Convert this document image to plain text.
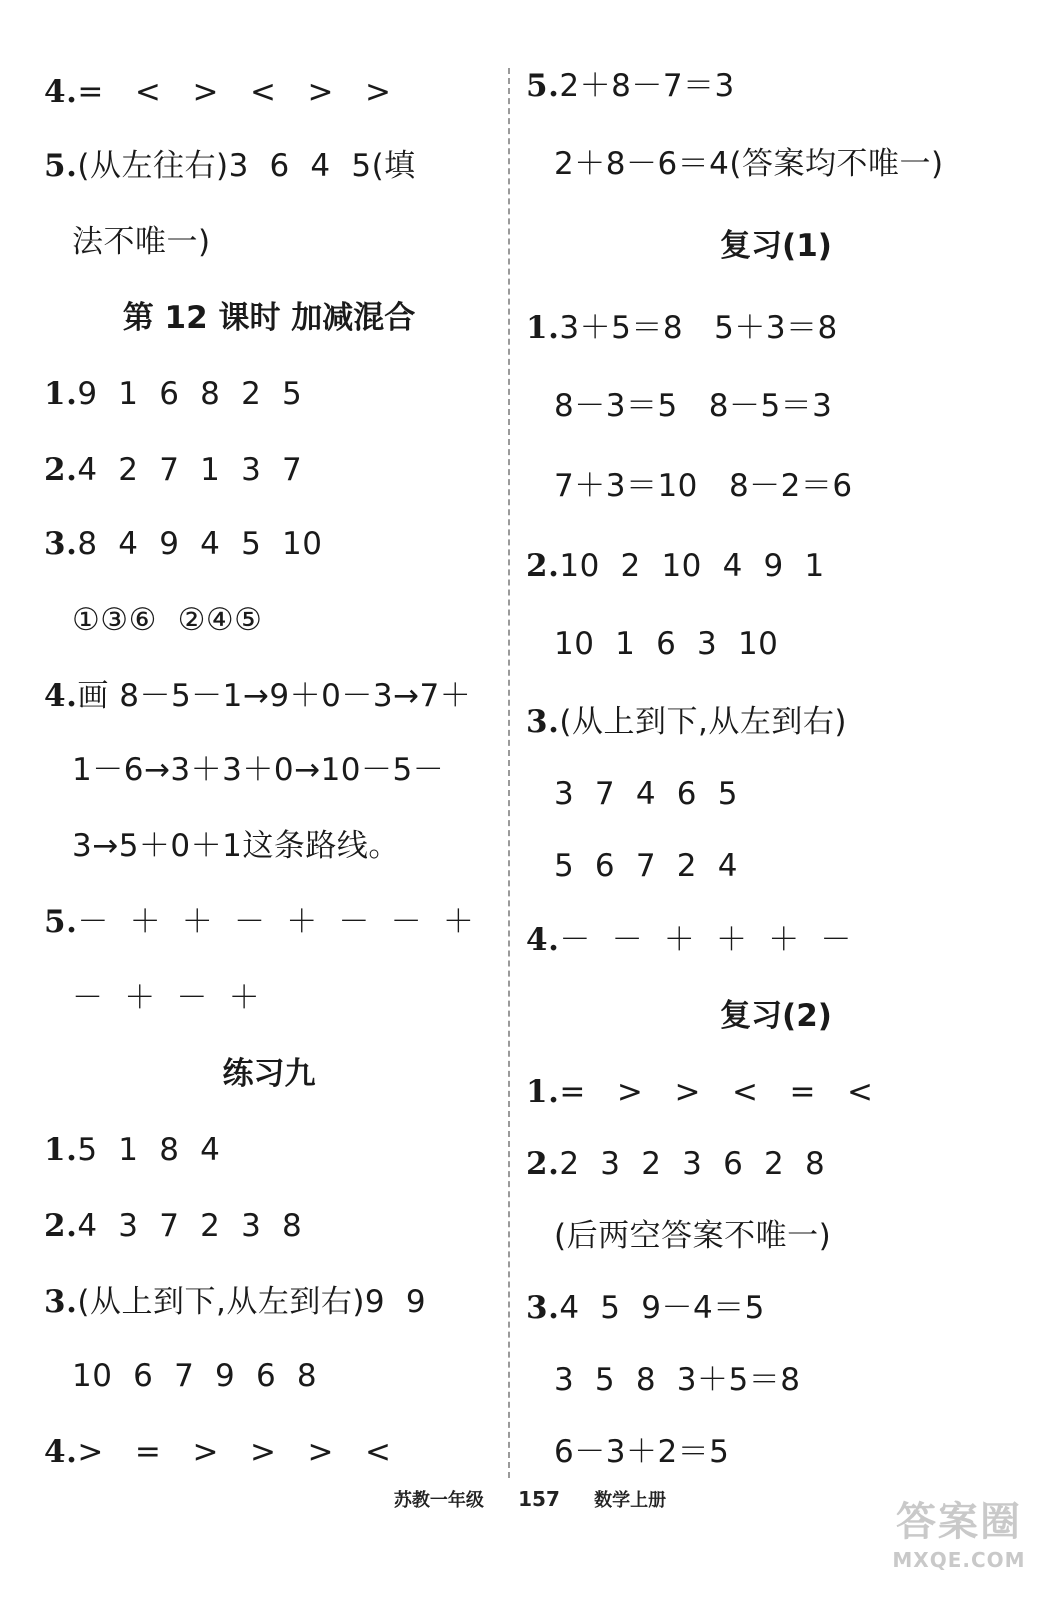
4.=   <   >   <   >   >
5.(从左往右)3  6  4  5(填
法不唯一)
第 12 课时 加减混合
1.9  1  6  8  2  5
2.4  2  7  1  3  7
3.8  4  9  4  5  10
①③⑥  ②④⑤
4.画 8－5－1→9＋0－3→7＋
1－6→3＋3＋0→10－5－
3→5＋0＋1这条路线。
5.－  ＋  ＋  －  ＋  －  －  ＋
－  ＋  －  ＋
练习九
1.5  1  8  4
2.4  3  7  2  3  8
3.(从上到下,从左到右)9  9
10  6  7  9  6  8
4.>   =   >   >   >   <
5.2＋8－7＝3
2＋8－6＝4(答案均不唯一)
复习(1)
1.3＋5＝8   5＋3＝8
8－3＝5   8－5＝3
7＋3＝10   8－2＝6
2.10  2  10  4  9  1
10  1  6  3  10
3.(从上到下,从左到右)
3  7  4  6  5
5  6  7  2  4
4.－  －  ＋  ＋  ＋  －
复习(2)
1.=   >   >   <   =   <
2.2  3  2  3  6  2  8
(后两空答案不唯一)
3.4  5  9－4＝5
3  5  8  3＋5＝8
6－3＋2＝5
苏教一年级 157 数学上册	答案圈
MXQE.COM
